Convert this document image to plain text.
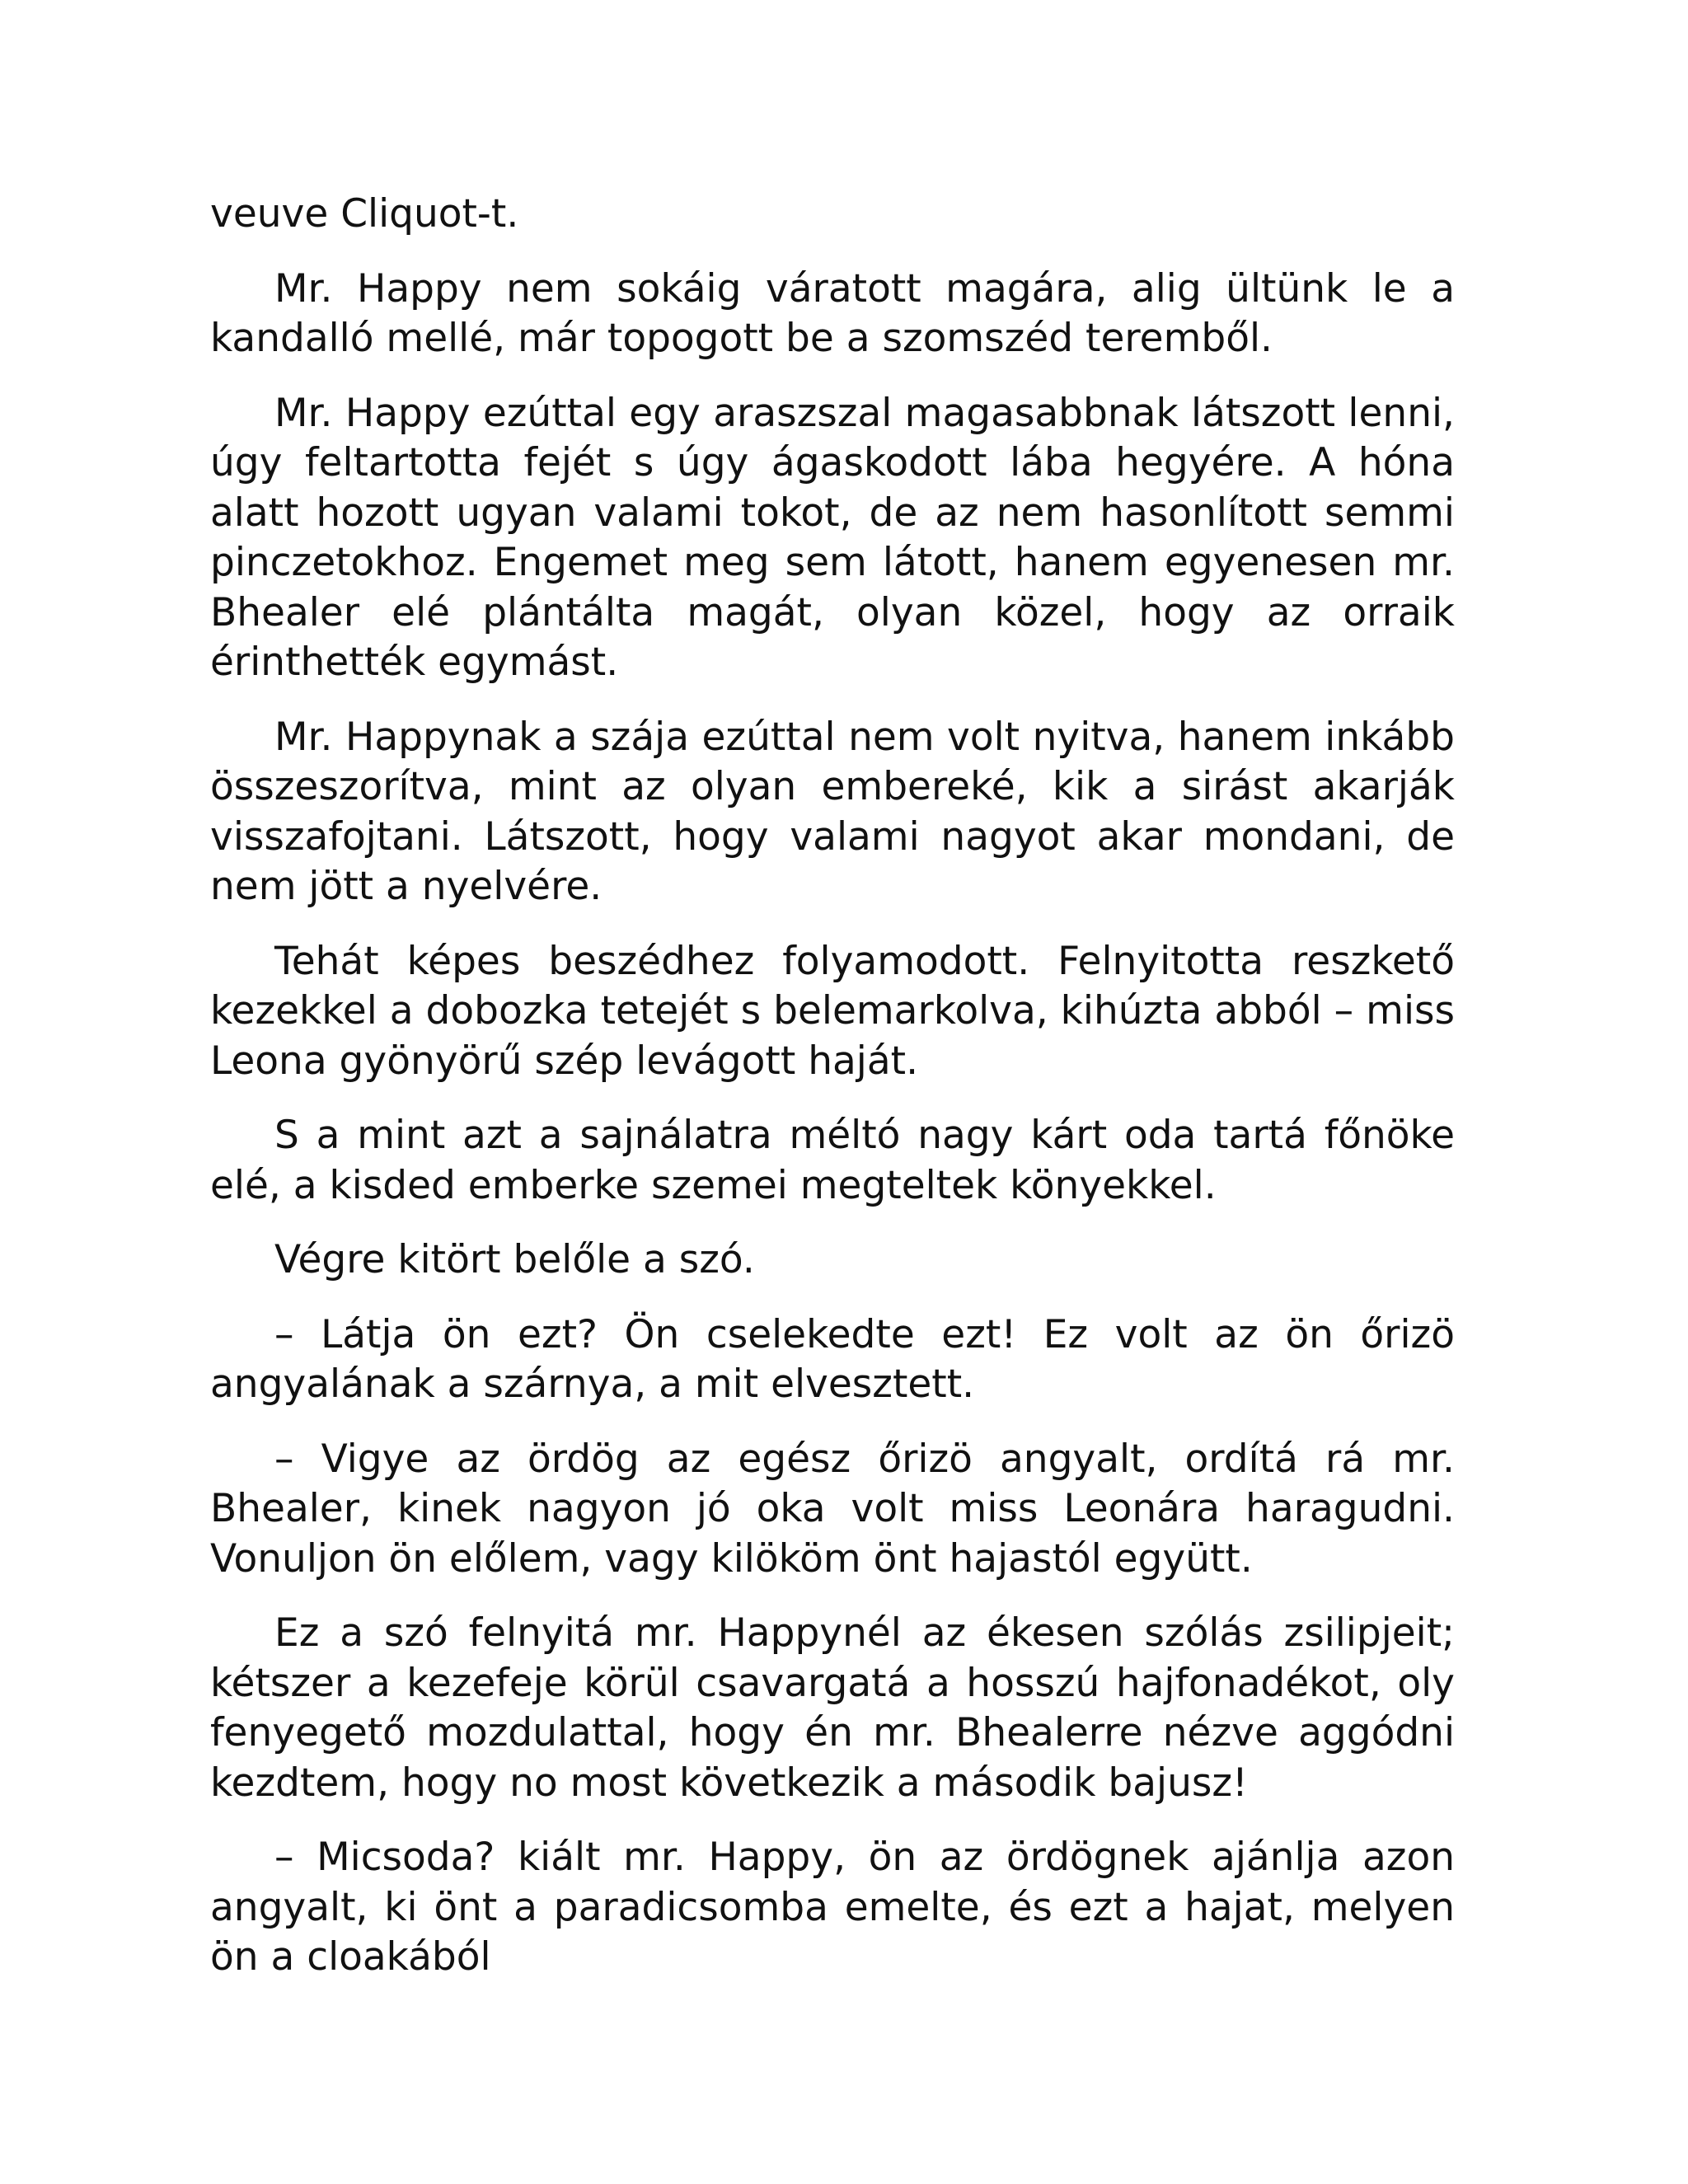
veuve Cliquot-t.

Mr. Happy nem sokáig váratott magára, alig ültünk le a kandalló mellé, már topogott be a szomszéd teremből.

Mr. Happy ezúttal egy araszszal magasabbnak látszott lenni, úgy feltartotta fejét s úgy ágaskodott lába hegyére. A hóna alatt hozott ugyan valami tokot, de az nem hasonlított semmi pinczetokhoz. Engemet meg sem látott, hanem egyenesen mr. Bhealer elé plántálta magát, olyan közel, hogy az orraik érinthették egymást.

Mr. Happynak a szája ezúttal nem volt nyitva, hanem inkább összeszorítva, mint az olyan embereké, kik a sirást akarják visszafojtani. Látszott, hogy valami nagyot akar mondani, de nem jött a nyelvére.

Tehát képes beszédhez folyamodott. Felnyitotta reszkető kezekkel a dobozka tetejét s belemarkolva, kihúzta abból – miss Leona gyönyörű szép levágott haját.

S a mint azt a sajnálatra méltó nagy kárt oda tartá főnöke elé, a kisded emberke szemei megteltek könyekkel.

Végre kitört belőle a szó.

– Látja ön ezt? Ön cselekedte ezt! Ez volt az ön őrizö angyalának a szárnya, a mit elvesztett.

– Vigye az ördög az egész őrizö angyalt, ordítá rá mr. Bhealer, kinek nagyon jó oka volt miss Leonára haragudni. Vonuljon ön előlem, vagy kilököm önt hajastól együtt.

Ez a szó felnyitá mr. Happynél az ékesen szólás zsilipjeit; kétszer a kezefeje körül csavargatá a hosszú hajfonadékot, oly fenyegető mozdulattal, hogy én mr. Bhealerre nézve aggódni kezdtem, hogy no most következik a második bajusz!

– Micsoda? kiált mr. Happy, ön az ördögnek ajánlja azon angyalt, ki önt a paradicsomba emelte, és ezt a hajat, melyen ön a cloakából
